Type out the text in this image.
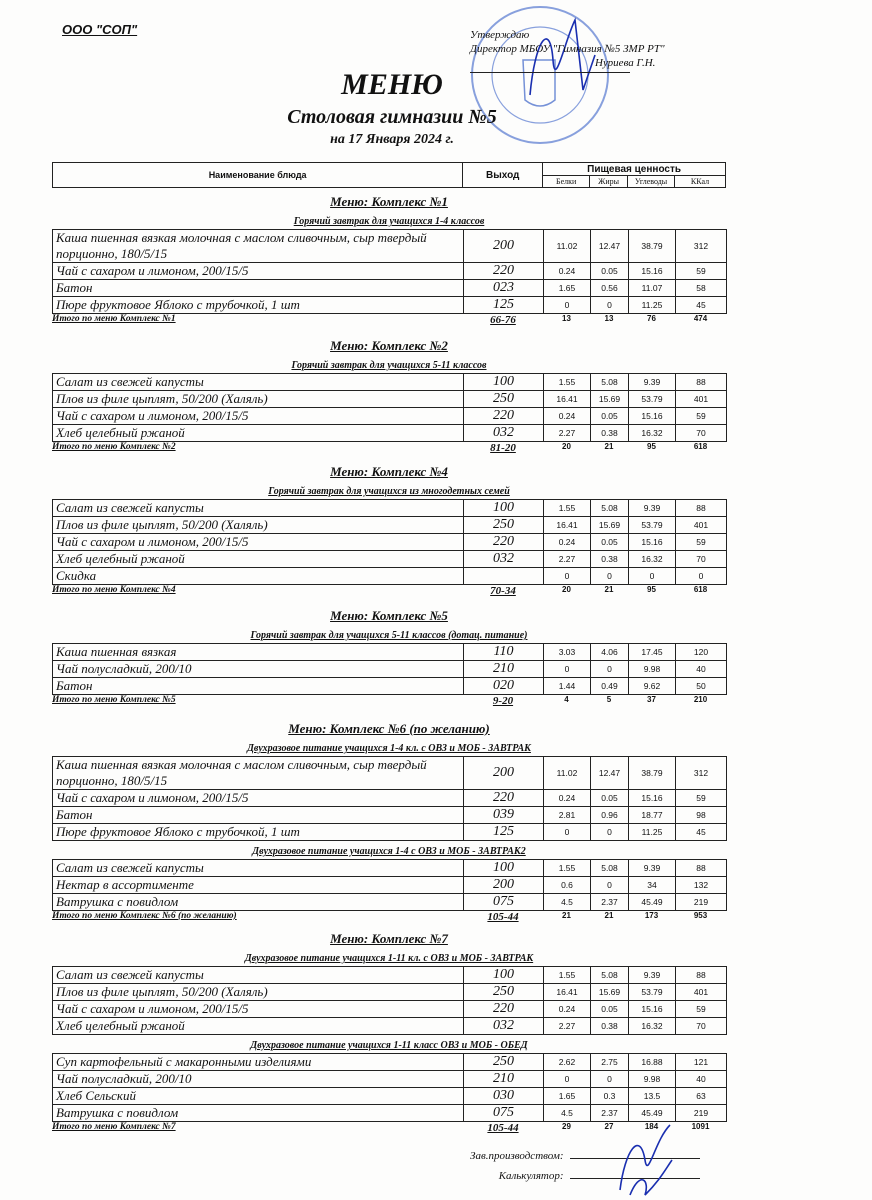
ООО "СОП"	Утверждаю
Директор МБОУ "Гимназия №5 ЗМР РТ"
Нуриева Г.Н.
МЕНЮ
Столовая гимназии №5
на 17 Января 2024 г.
Наименование блюда	Выход	Пищевая ценность			
		Белки	Жиры	Углеводы	ККал
Меню: Комплекс №1
Горячий завтрак для учащихся 1-4 классов
Каша пшенная вязкая молочная с маслом сливочным, сыр твердый порционно, 180/5/15	200	11.02	12.47	38.79	312
Чай с сахаром и лимоном, 200/15/5	220	0.24	0.05	15.16	59
Батон	023	1.65	0.56	11.07	58
Пюре фруктовое Яблоко с трубочкой, 1 шт	125	0	0	11.25	45
Итого по меню Комплекс №1	66-76	13	13	76	474
Меню: Комплекс №2
Горячий завтрак для учащихся 5-11 классов
Салат из свежей капусты	100	1.55	5.08	9.39	88
Плов из филе цыплят, 50/200 (Халяль)	250	16.41	15.69	53.79	401
Чай с сахаром и лимоном, 200/15/5	220	0.24	0.05	15.16	59
Хлеб целебный ржаной	032	2.27	0.38	16.32	70
Итого по меню Комплекс №2	81-20	20	21	95	618
Меню: Комплекс №4
Горячий завтрак для учащихся из многодетных семей
Салат из свежей капусты	100	1.55	5.08	9.39	88
Плов из филе цыплят, 50/200 (Халяль)	250	16.41	15.69	53.79	401
Чай с сахаром и лимоном, 200/15/5	220	0.24	0.05	15.16	59
Хлеб целебный ржаной	032	2.27	0.38	16.32	70
Скидка		0	0	0	0
Итого по меню Комплекс №4	70-34	20	21	95	618
Меню: Комплекс №5
Горячий завтрак для учащихся 5-11 классов (дотац. питание)
Каша пшенная вязкая	110	3.03	4.06	17.45	120
Чай полусладкий, 200/10	210	0	0	9.98	40
Батон	020	1.44	0.49	9.62	50
Итого по меню Комплекс №5	9-20	4	5	37	210
Меню: Комплекс №6 (по желанию)
Двухразовое питание учащихся 1-4 кл. с ОВЗ и МОБ - ЗАВТРАК
Каша пшенная вязкая молочная с маслом сливочным, сыр твердый порционно, 180/5/15	200	11.02	12.47	38.79	312
Чай с сахаром и лимоном, 200/15/5	220	0.24	0.05	15.16	59
Батон	039	2.81	0.96	18.77	98
Пюре фруктовое Яблоко с трубочкой, 1 шт	125	0	0	11.25	45
Двухразовое питание учащихся 1-4 с ОВЗ и МОБ - ЗАВТРАК2
Салат из свежей капусты	100	1.55	5.08	9.39	88
Нектар в ассортименте	200	0.6	0	34	132
Ватрушка с повидлом	075	4.5	2.37	45.49	219
Итого по меню Комплекс №6 (по желанию)	105-44	21	21	173	953
Меню: Комплекс №7
Двухразовое питание учащихся 1-11 кл. с ОВЗ и МОБ - ЗАВТРАК
Салат из свежей капусты	100	1.55	5.08	9.39	88
Плов из филе цыплят, 50/200 (Халяль)	250	16.41	15.69	53.79	401
Чай с сахаром и лимоном, 200/15/5	220	0.24	0.05	15.16	59
Хлеб целебный ржаной	032	2.27	0.38	16.32	70
Двухразовое питание учащихся 1-11 класс ОВЗ и МОБ - ОБЕД
Суп картофельный с макаронными изделиями	250	2.62	2.75	16.88	121
Чай полусладкий, 200/10	210	0	0	9.98	40
Хлеб Сельский	030	1.65	0.3	13.5	63
Ватрушка с повидлом	075	4.5	2.37	45.49	219
Итого по меню Комплекс №7	105-44	29	27	184	1091
Зав.производством:
Калькулятор:
